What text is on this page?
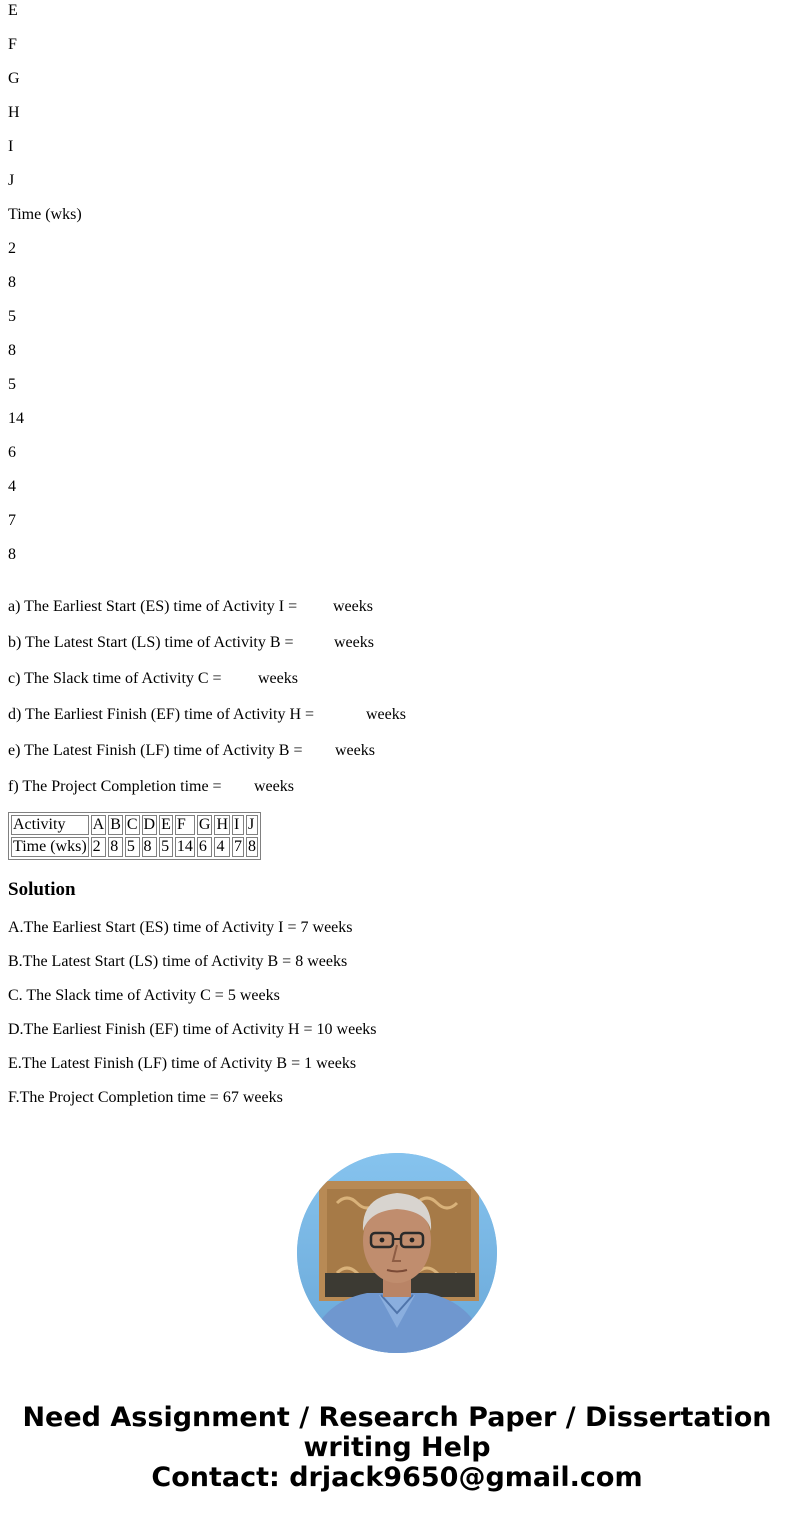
E

F

G

H

I

J

Time (wks)

2

8

5

8

5

14

6

4

7

8

a) The Earliest Start (ES) time of Activity I = weeks

b) The Latest Start (LS) time of Activity B =	weeks

c) The Slack time of Activity C = weeks

d) The Earliest Finish (EF) time of Activity H =	weeks

e) The Latest Finish (LF) time of Activity B = weeks

f) The Project Completion time = weeks

Activity	A	B	C	D	E	F	G	H	I	J
Time (wks)	2	8	5	8	5	14	6	4	7	8
Solution

A.The Earliest Start (ES) time of Activity I = 7 weeks

B.The Latest Start (LS) time of Activity B = 8 weeks

C. The Slack time of Activity C = 5 weeks

D.The Earliest Finish (EF) time of Activity H = 10 weeks

E.The Latest Finish (LF) time of Activity B = 1 weeks

F.The Project Completion time = 67 weeks

Need Assignment / Research Paper / Dissertation
writing Help
Contact: drjack9650@gmail.com
